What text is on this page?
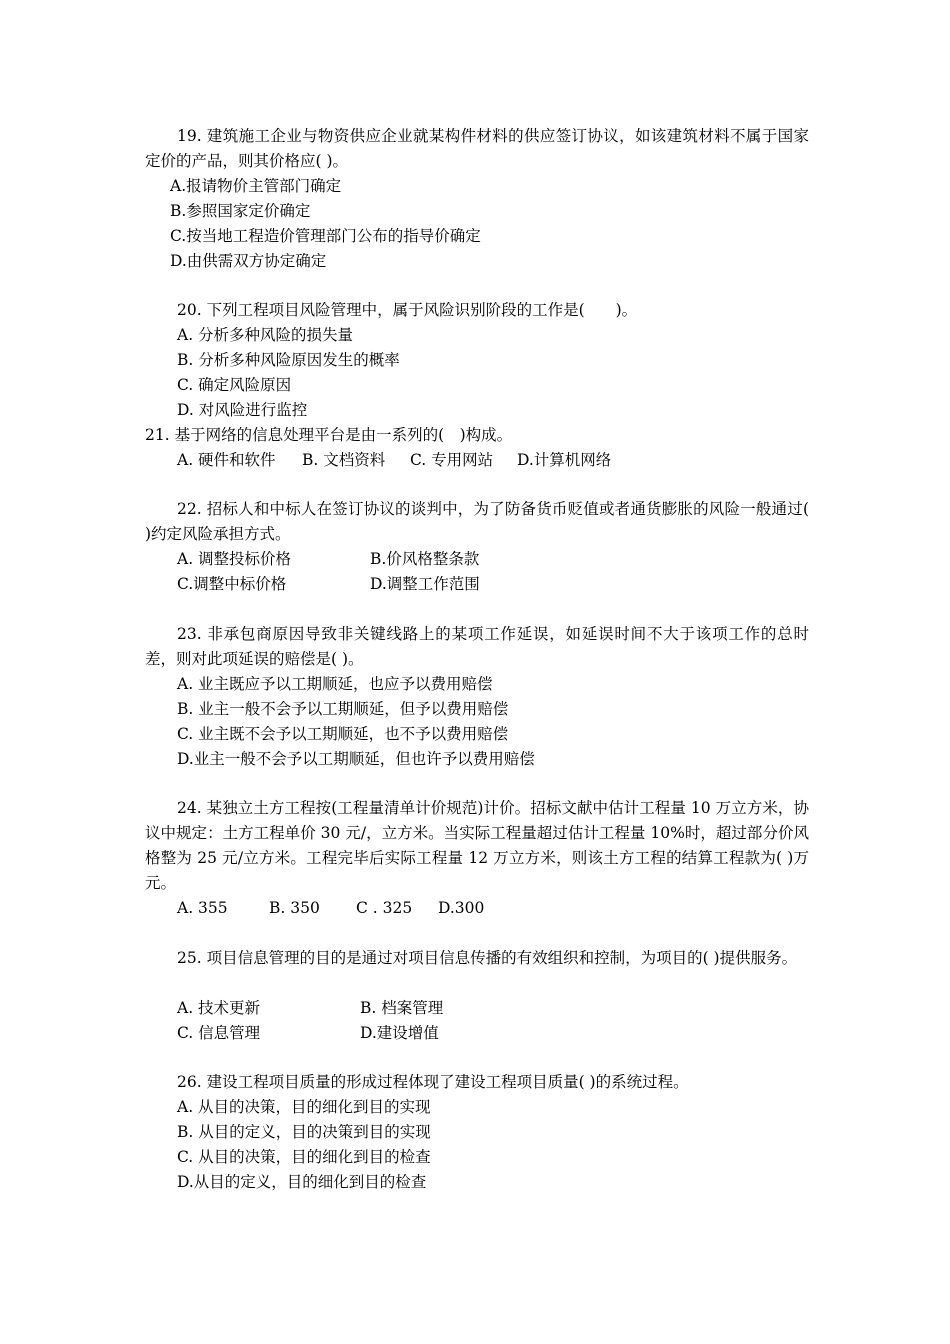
19. 建筑施工企业与物资供应企业就某构件材料的供应签订协议，如该建筑材料不属于国家定价的产品，则其价格应( )。
A.报请物价主管部门确定
B.参照国家定价确定
C.按当地工程造价管理部门公布的指导价确定
D.由供需双方协定确定
20. 下列工程项目风险管理中，属于风险识别阶段的工作是(　　)。
A. 分析多种风险的损失量
B. 分析多种风险原因发生的概率
C. 确定风险原因
D. 对风险进行监控
21. 基于网络的信息处理平台是由一系列的(　)构成。
A. 硬件和软件 B. 文档资料 C. 专用网站 D.计算机网络
22. 招标人和中标人在签订协议的谈判中，为了防备货币贬值或者通货膨胀的风险一般通过( )约定风险承担方式。
A. 调整投标价格	B.价风格整条款
C.调整中标价格	D.调整工作范围
23. 非承包商原因导致非关键线路上的某项工作延误，如延误时间不大于该项工作的总时差，则对此项延误的赔偿是( )。
A. 业主既应予以工期顺延，也应予以费用赔偿
B. 业主一般不会予以工期顺延，但予以费用赔偿
C. 业主既不会予以工期顺延，也不予以费用赔偿
D.业主一般不会予以工期顺延，但也许予以费用赔偿
24. 某独立土方工程按(工程量清单计价规范)计价。招标文献中估计工程量 10 万立方米，协议中规定：土方工程单价 30 元/，立方米。当实际工程量超过估计工程量 10%时，超过部分价风格整为 25 元/立方米。工程完毕后实际工程量 12 万立方米，则该土方工程的结算工程款为( )万元。
A. 355	B. 350 C . 325 D.300
25. 项目信息管理的目的是通过对项目信息传播的有效组织和控制，为项目的( )提供服务。
A. 技术更新	B. 档案管理
C. 信息管理	D.建设增值
26. 建设工程项目质量的形成过程体现了建设工程项目质量( )的系统过程。
A. 从目的决策，目的细化到目的实现
B. 从目的定义，目的决策到目的实现
C. 从目的决策，目的细化到目的检查
D.从目的定义，目的细化到目的检查
